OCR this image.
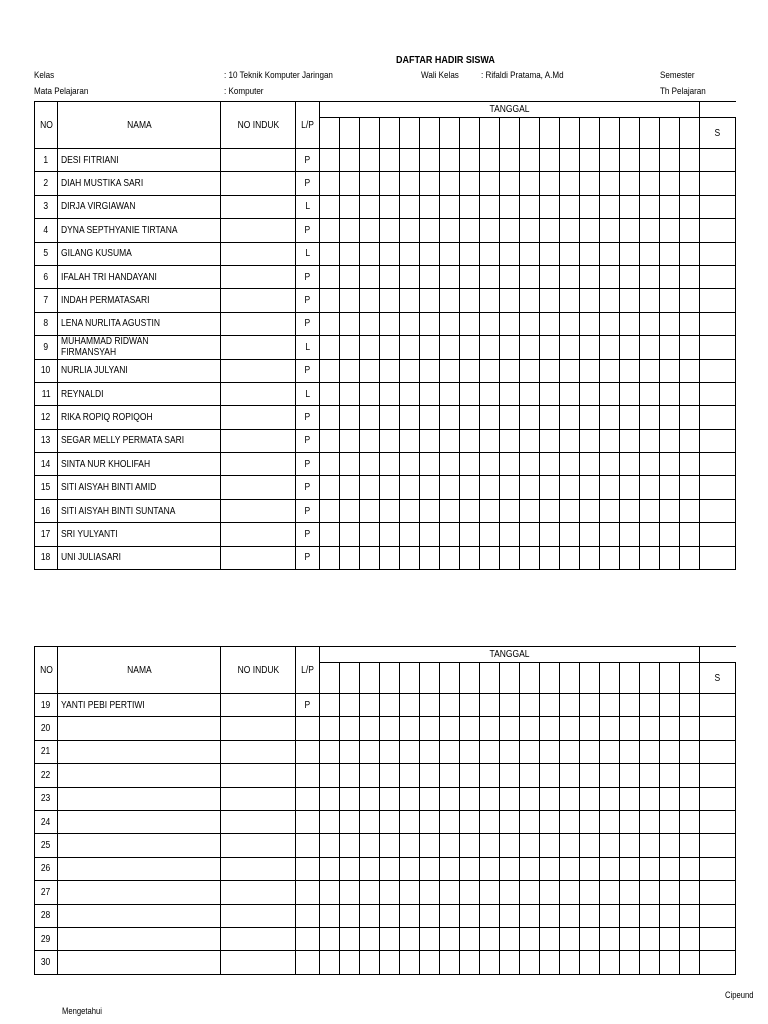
DAFTAR HADIR SISWA
Kelas	: 10 Teknik Komputer Jaringan	Wali Kelas : Rifaldi Pratama, A.Md	Semester
Mata Pelajaran	: Komputer	Th Pelajaran
NO	NAMA	NO INDUK	L/P	TANGGAL																			
																							S
1	DESI FITRIANI		P																				
2	DIAH MUSTIKA SARI		P																				
3	DIRJA VIRGIAWAN		L																				
4	DYNA SEPTHYANIE TIRTANA		P																				
5	GILANG KUSUMA		L																				
6	IFALAH TRI HANDAYANI		P																				
7	INDAH PERMATASARI		P																				
8	LENA NURLITA AGUSTIN		P																				
9	MUHAMMAD RIDWAN FIRMANSYAH		L																				
10	NURLIA JULYANI		P																				
11	REYNALDI		L																				
12	RIKA ROPIQ ROPIQOH		P																				
13	SEGAR MELLY PERMATA SARI		P																				
14	SINTA NUR KHOLIFAH		P																				
15	SITI AISYAH BINTI AMID		P																				
16	SITI AISYAH BINTI SUNTANA		P																				
17	SRI YULYANTI		P																				
18	UNI JULIASARI		P																				
NO	NAMA	NO INDUK	L/P	TANGGAL																			
																							S
19	YANTI PEBI PERTIWI		P																				
20																							
21																							
22																							
23																							
24																							
25																							
26																							
27																							
28																							
29																							
30																							
Cipeund
Mengetahui
